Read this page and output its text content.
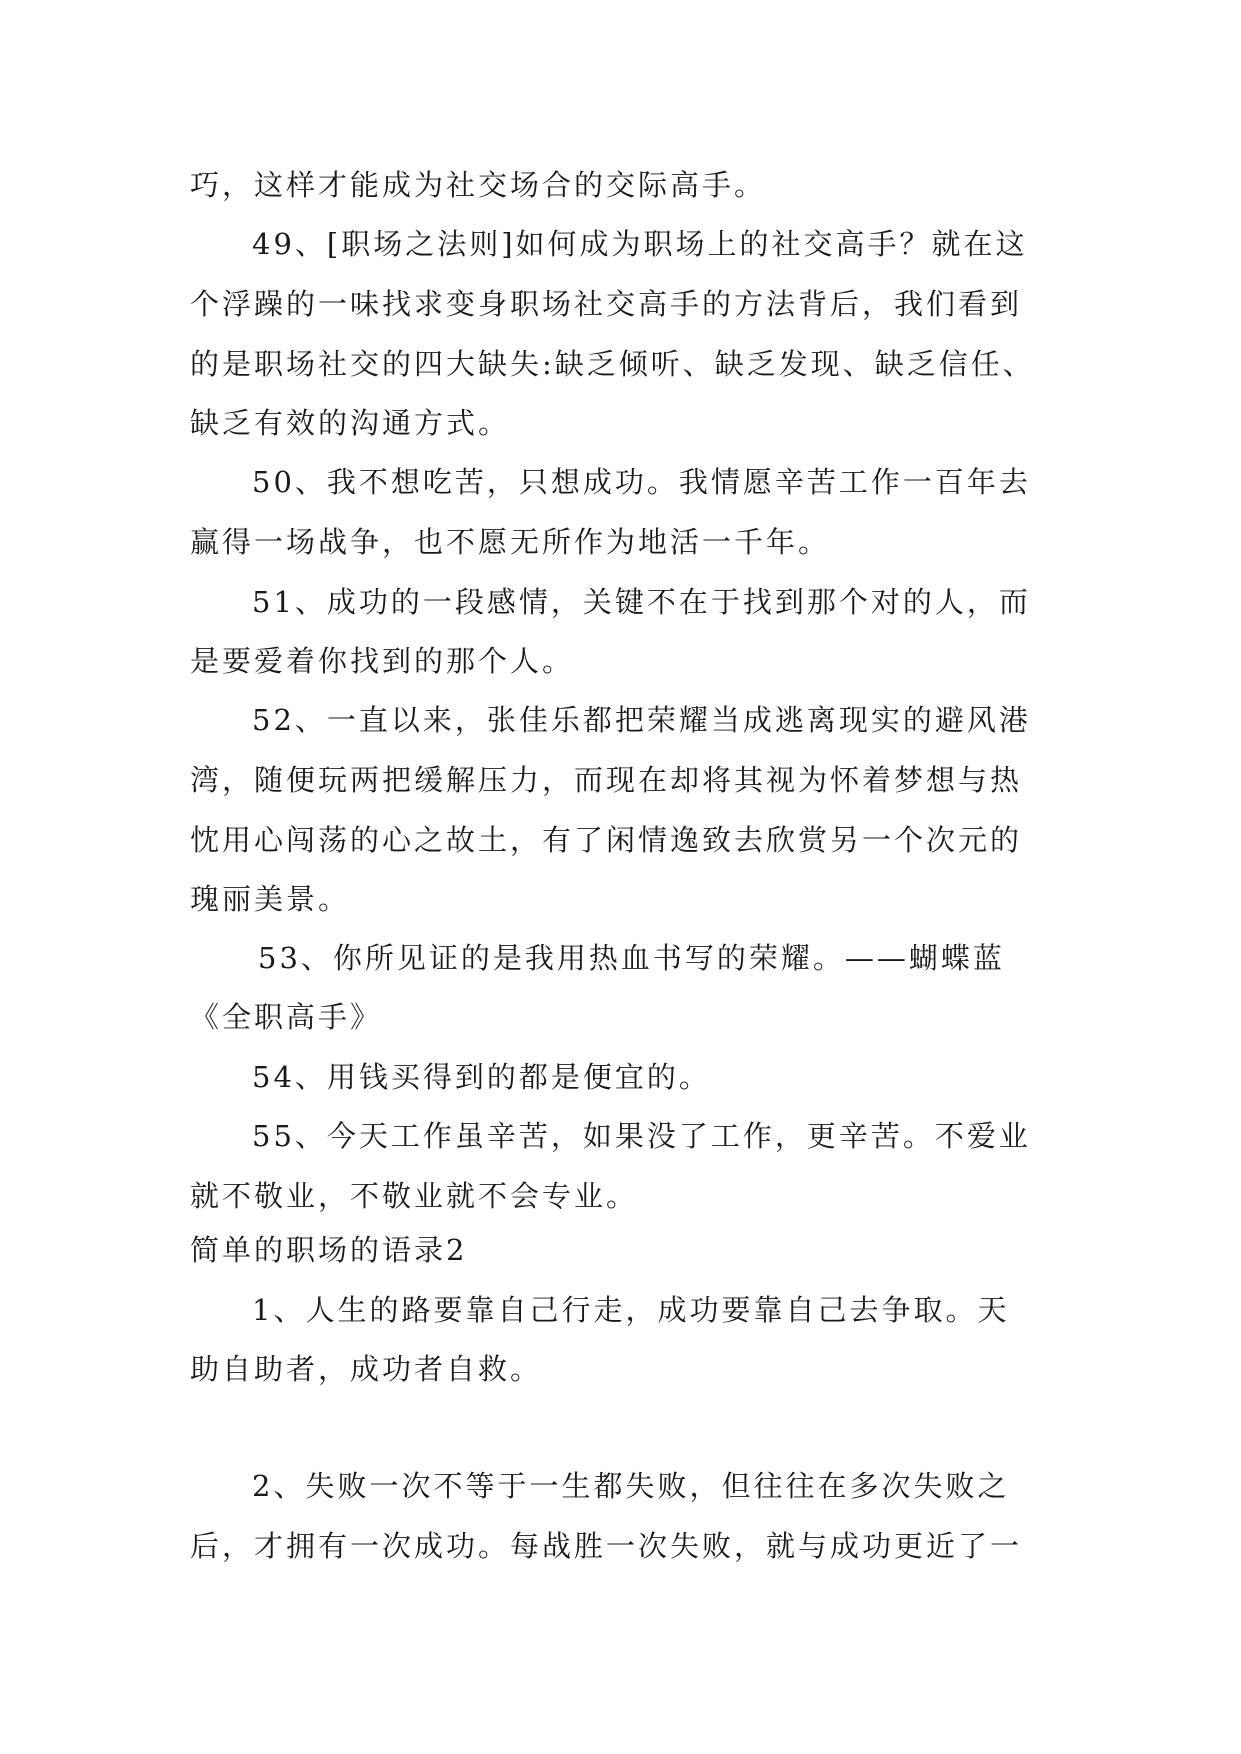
巧，这样才能成为社交场合的交际高手。
49、[职场之法则]如何成为职场上的社交高手？就在这
个浮躁的一味找求变身职场社交高手的方法背后，我们看到
的是职场社交的四大缺失:缺乏倾听、缺乏发现、缺乏信任、
缺乏有效的沟通方式。
50、我不想吃苦，只想成功。我情愿辛苦工作一百年去
赢得一场战争，也不愿无所作为地活一千年。
51、成功的一段感情，关键不在于找到那个对的人，而
是要爱着你找到的那个人。
52、一直以来，张佳乐都把荣耀当成逃离现实的避风港
湾，随便玩两把缓解压力，而现在却将其视为怀着梦想与热
忱用心闯荡的心之故土，有了闲情逸致去欣赏另一个次元的
瑰丽美景。
53、你所见证的是我用热血书写的荣耀。——蝴蝶蓝
《全职高手》
54、用钱买得到的都是便宜的。
55、今天工作虽辛苦，如果没了工作，更辛苦。不爱业
就不敬业，不敬业就不会专业。
简单的职场的语录2
1、人生的路要靠自己行走，成功要靠自己去争取。天
助自助者，成功者自救。
2、失败一次不等于一生都失败，但往往在多次失败之
后，才拥有一次成功。每战胜一次失败，就与成功更近了一
